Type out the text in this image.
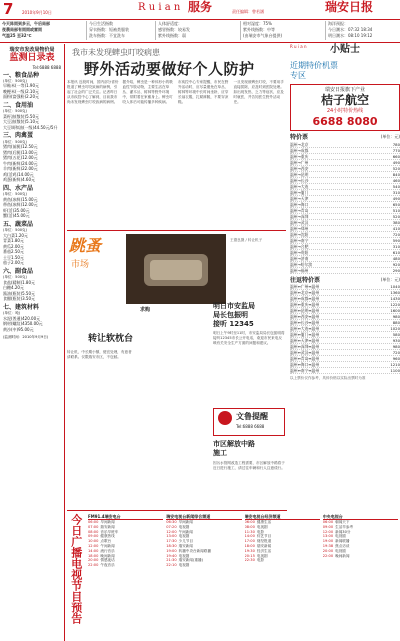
7 2010年9月10日	R u i a n 服务	责任编辑：曾若涵	瑞安日报
今天阵雨到多云，午后局部
夜晨局部有雨雨或雷雨
气温25 至32℃
今日生活指数
穿衣指数：短袖类服装
洗车指数：不宜洗车
人体舒适度：
感冒指数：较易发
紫外线指数：弱
相对湿度：75%
紫外线指数：中等
(由瑞安市气象台提供)
海洋预报：
今日潮水：07:32 18:34
明日潮水：08:10 19:12
瑞安市发改局物价局
监测日录表
Tel:6888 6888
一、粮食品种
(单位：500克)
早籼米(一等)1.90元
晚粳米(一级)2.10元
面粉(富强粉)2.20元
二、食用油
(单位：500克)
菜籽油(散装)5.50元
大豆油(散装)5.10元
大豆调和油(一级)44.50元/5升
三、肉禽蛋
(单位：500克)
猪肉(前腿)12.50元
猪肉(后腿)13.00元
猪肉(五花)12.00元
牛肉(新鲜)24.00元
羊肉(新鲜)22.00元
鸡(活鸡)14.00元
鸡蛋(新鲜)4.60元
四、水产品
(单位：500克)
黄鱼(冰鲜)15.00元
带鱼(冰鲜)12.00元
虾(活)35.00元
蟹(活)45.00元
五、蔬菜品
(单位：500克)
大白菜1.20元
青菜1.80元
黄瓜2.00元
番茄2.50元
土豆1.50元
茄子2.00元
六、副食品
(单位：500克)
食盐(精制)1.80元
白糖4.20元
酱油(瓶装)5.50元
食醋(瓶装)3.50元
七、建筑材料
(单位：吨)
水泥(普通)420.00元
钢材(螺纹)4350.00元
黄沙(中)95.00元
(监测时间：2010年9月9日)
我市未发现蜱虫叮咬病患
野外活动要做好个人防护
本报讯 近段时间，国内部分省份报道了蜱虫叮咬致病的病例，引起了社会的广泛关注。记者昨日从市疾控中心了解到，目前我市尚未发现蜱虫叮咬致病的病例。
据介绍，蜱虫是一种体形小的吸血性节肢动物，主要生活在草丛、灌木丛、树林等野外环境中，常附着在家畜身上。蜱虫叮咬人体后可能传播多种疾病。
市疾控中心专家提醒，市民在野外活动时，应尽量避免在草丛、树林等环境中长时间坐卧，应穿长袖衣服，扎紧裤腿，不要穿凉鞋。
一旦发现被蜱虫叮咬，不要用手直接拔除，应及时到医院处理。如出现发热、乏力等症状，应及时就医，并告知医生野外活动史。
跳蚤
市场
王德良摄 / 转让机子
转让软枕台
转让机，中长期小额，便宜处理，有意者请联系。仅限瑞安市区，不包邮。
求购	明日市安监局
局长包振明
接听 12345
明日上午9时至11时，市安监局局长包振明将接听12345市长公开电话，欢迎市民来电反映有关安全生产方面的问题和建议。
文鲁提醒
Tel:6888 6688
市区解放中路
施工
因污水管网改造工程需要，市区解放中路将于近日进行施工，请过往车辆和行人注意绕行。
今日广播电视节目预告 FM91.4瑞安电台
06:00 早间新闻
07:00 瑞安新闻
08:00 音乐早班车
09:00 健康热线
10:00 点歌台
12:00 午间新闻
14:00 流行音乐
18:00 晚间新闻
20:00 情感夜话
22:00 午夜音乐
瑞安电视台新闻综合频道
06:30 早间新闻
07:20 电视剧
12:00 午间新闻
13:00 电视剧
17:30 少儿节目
18:30 瑞安新闻
19:00 转播中央台新闻联播
19:40 电视剧
21:30 瑞安新闻(重播)
22:10 电视剧
瑞安电视台经济频道
06:00 健康生活
08:00 电视剧
11:30 电影
14:00 综艺节目
17:00 财经报道
18:00 瑞安新闻
19:30 经济生活
20:15 电视剧
22:30 电影
中央电视台
06:00 朝闻天下
09:00 生活早参考
12:00 新闻30分
13:00 电视剧
19:00 新闻联播
19:38 焦点访谈
20:00 电视剧
22:00 晚间新闻
R u i a n	小贴士
近期特价机票
专区
瑞安日报旗下产业
桔子航空
24小时特价热线
6688 8080
特价票	(单位：元)
温州→北京	780
温州→成都	770
温州→重庆	660
温州→广州	490
温州→西安	520
温州→昆明	840
温州→长沙	460
温州→大连	540
温州→厦门	310
温州→天津	490
温州→海口	650
温州→青岛	510
温州→深圳	520
温州→武汉	380
温州→郑州	410
温州→沈阳	720
温州→南宁	590
温州→合肥	310
温州→贵阳	610
温州→济南	480
温州→哈尔滨	920
温州→福州	290
往返特价票	(单位：元)
温州↔广州↔温州	1040
温州↔北京↔温州	1360
温州↔成都↔温州	1430
温州↔重庆↔温州	1220
温州↔昆明↔温州	1600
温州↔西安↔温州	980
温州↔长沙↔温州	880
温州↔大连↔温州	1020
温州↔厦门↔温州	580
温州↔天津↔温州	930
温州↔深圳↔温州	980
温州↔武汉↔温州	720
温州↔青岛↔温州	960
温州↔海口↔温州	1210
温州↔南宁↔温州	1100
以上票价仅作参考，具体价格以实际出票时为准
